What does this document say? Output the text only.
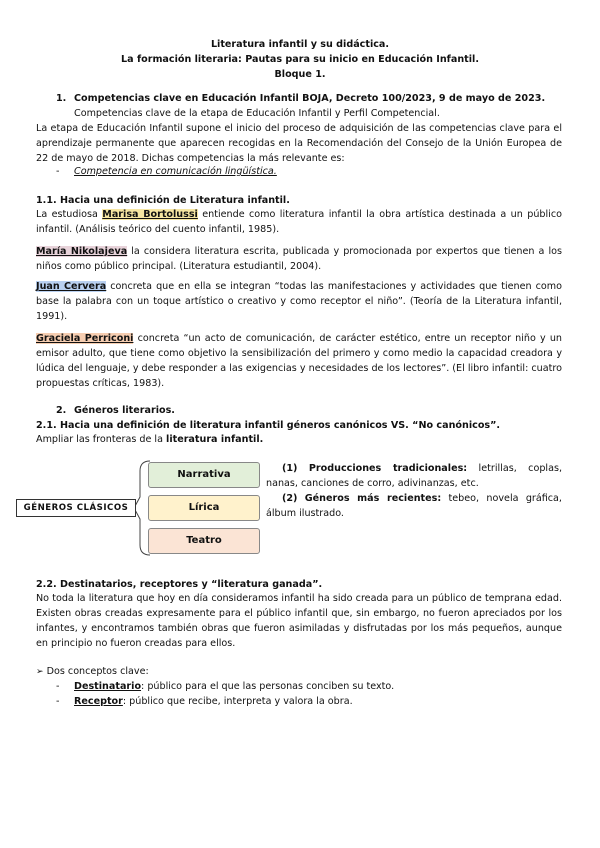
Literatura infantil y su didáctica.
La formación literaria: Pautas para su inicio en Educación Infantil.
Bloque 1.
1. Competencias clave en Educación Infantil BOJA, Decreto 100/2023, 9 de mayo de 2023.
Competencias clave de la etapa de Educación Infantil y Perfil Competencial.
La etapa de Educación Infantil supone el inicio del proceso de adquisición de las competencias clave para el aprendizaje permanente que aparecen recogidas en la Recomendación del Consejo de la Unión Europea de 22 de mayo de 2018. Dichas competencias la más relevante es:
- Competencia en comunicación lingüística.
1.1. Hacia una definición de Literatura infantil.
La estudiosa Marisa Bortolussi entiende como literatura infantil la obra artística destinada a un público infantil. (Análisis teórico del cuento infantil, 1985).
María Nikolajeva la considera literatura escrita, publicada y promocionada por expertos que tienen a los niños como público principal. (Literatura estudiantil, 2004).
Juan Cervera concreta que en ella se integran “todas las manifestaciones y actividades que tienen como base la palabra con un toque artístico o creativo y como receptor el niño”. (Teoría de la Literatura infantil, 1991).
Graciela Perriconi concreta “un acto de comunicación, de carácter estético, entre un receptor niño y un emisor adulto, que tiene como objetivo la sensibilización del primero y como medio la capacidad creadora y lúdica del lenguaje, y debe responder a las exigencias y necesidades de los lectores”. (El libro infantil: cuatro propuestas críticas, 1983).
2. Géneros literarios.
2.1. Hacia una definición de literatura infantil géneros canónicos VS. “No canónicos”.
Ampliar las fronteras de la literatura infantil.
GÉNEROS CLÁSICOS
Narrativa
Lírica
Teatro
(1) Producciones tradicionales: letrillas, coplas, nanas, canciones de corro, adivinanzas, etc.
(2) Géneros más recientes: tebeo, novela gráfica, álbum ilustrado.
2.2. Destinatarios, receptores y “literatura ganada”.
No toda la literatura que hoy en día consideramos infantil ha sido creada para un público de temprana edad. Existen obras creadas expresamente para el público infantil que, sin embargo, no fueron apreciados por los infantes, y encontramos también obras que fueron asimiladas y disfrutadas por los más pequeños, aunque en principio no fueron creadas para ellos.
➢ Dos conceptos clave:
- Destinatario: público para el que las personas conciben su texto.
- Receptor: público que recibe, interpreta y valora la obra.
